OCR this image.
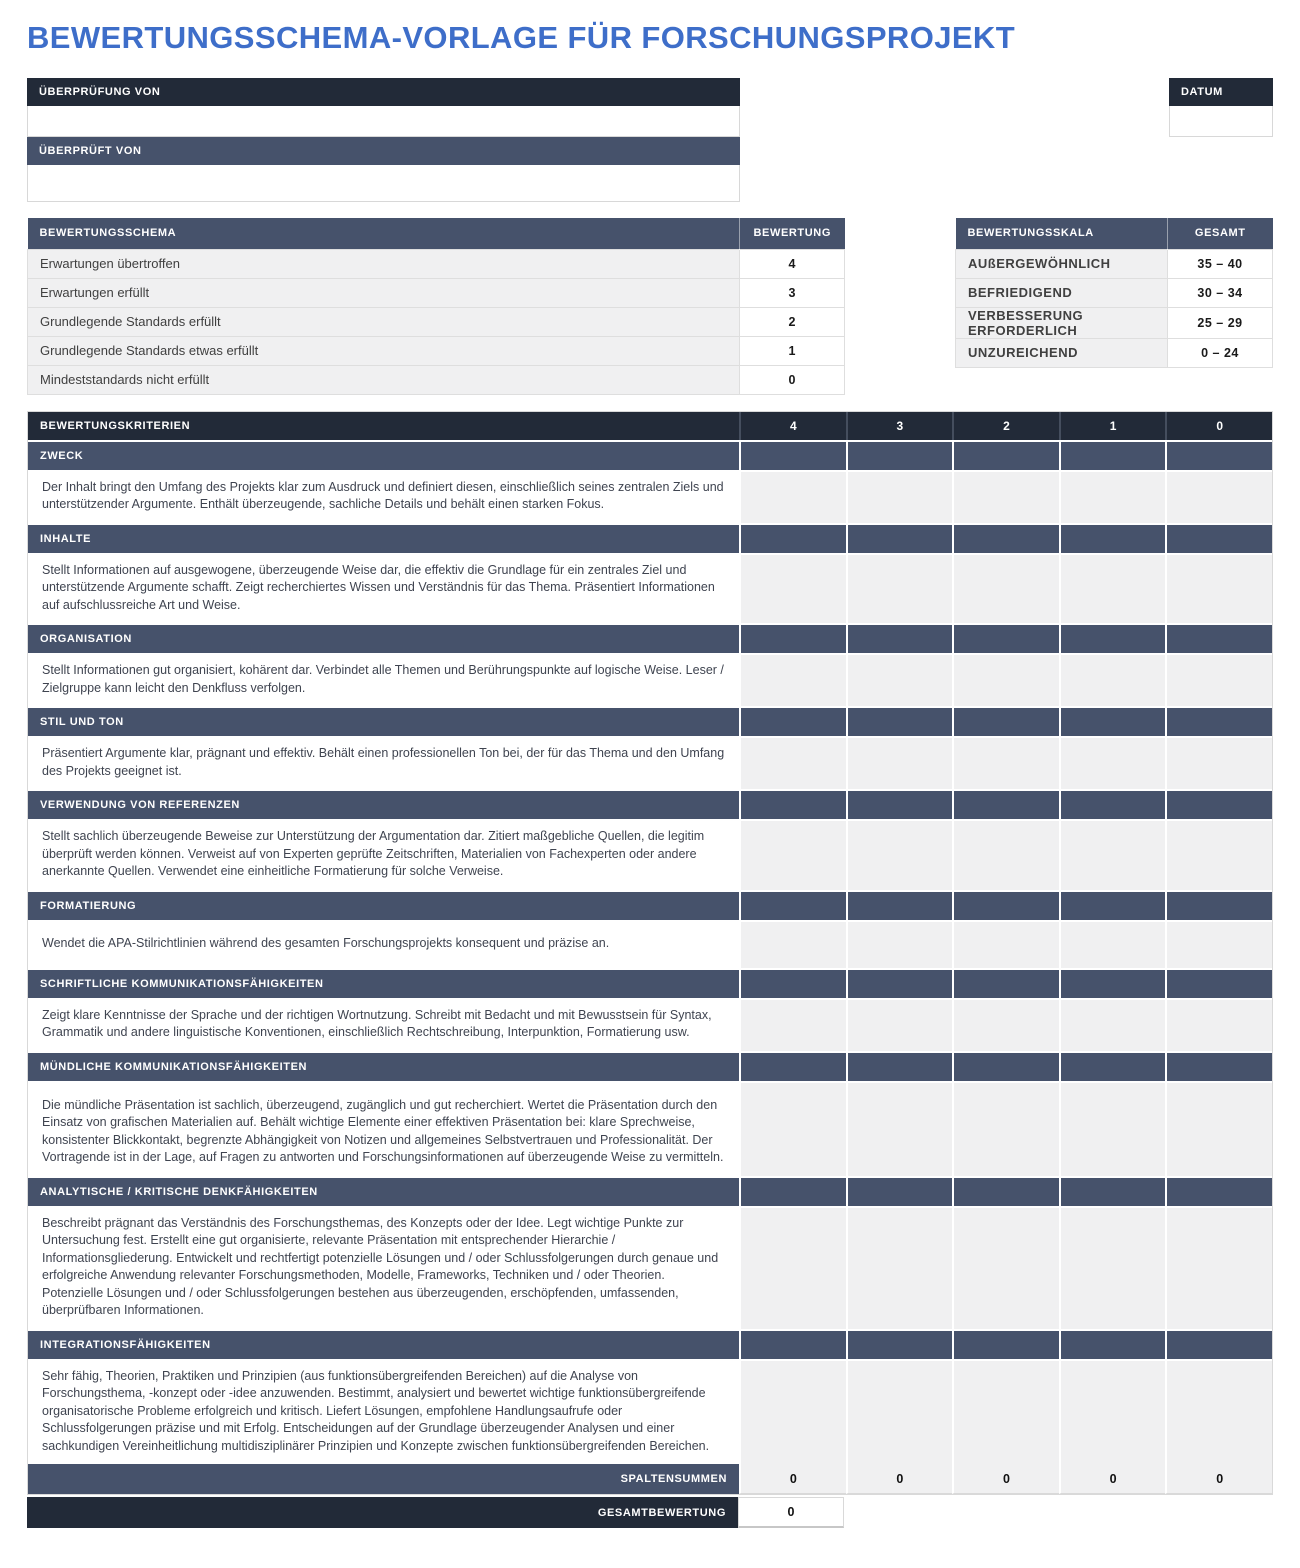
BEWERTUNGSSCHEMA-VORLAGE FÜR FORSCHUNGSPROJEKT
ÜBERPRÜFUNG VON
ÜBERPRÜFT VON
DATUM
BEWERTUNGSSCHEMA	BEWERTUNG
Erwartungen übertroffen	4
Erwartungen erfüllt	3
Grundlegende Standards erfüllt	2
Grundlegende Standards etwas erfüllt	1
Mindeststandards nicht erfüllt	0
BEWERTUNGSSKALA	GESAMT
AUßERGEWÖHNLICH	35 – 40
BEFRIEDIGEND	30 – 34
VERBESSERUNG ERFORDERLICH	25 – 29
UNZUREICHEND	0 – 24
BEWERTUNGSKRITERIEN	4	3	2	1	0
ZWECK
Der Inhalt bringt den Umfang des Projekts klar zum Ausdruck und definiert diesen, einschließlich seines zentralen Ziels und unterstützender Argumente. Enthält überzeugende, sachliche Details und behält einen starken Fokus.
INHALTE
Stellt Informationen auf ausgewogene, überzeugende Weise dar, die effektiv die Grundlage für ein zentrales Ziel und unterstützende Argumente schafft. Zeigt recherchiertes Wissen und Verständnis für das Thema. Präsentiert Informationen auf aufschlussreiche Art und Weise.
ORGANISATION
Stellt Informationen gut organisiert, kohärent dar. Verbindet alle Themen und Berührungspunkte auf logische Weise. Leser / Zielgruppe kann leicht den Denkfluss verfolgen.
STIL UND TON
Präsentiert Argumente klar, prägnant und effektiv. Behält einen professionellen Ton bei, der für das Thema und den Umfang des Projekts geeignet ist.
VERWENDUNG VON REFERENZEN
Stellt sachlich überzeugende Beweise zur Unterstützung der Argumentation dar. Zitiert maßgebliche Quellen, die legitim überprüft werden können. Verweist auf von Experten geprüfte Zeitschriften, Materialien von Fachexperten oder andere anerkannte Quellen. Verwendet eine einheitliche Formatierung für solche Verweise.
FORMATIERUNG
Wendet die APA-Stilrichtlinien während des gesamten Forschungsprojekts konsequent und präzise an.
SCHRIFTLICHE KOMMUNIKATIONSFÄHIGKEITEN
Zeigt klare Kenntnisse der Sprache und der richtigen Wortnutzung. Schreibt mit Bedacht und mit Bewusstsein für Syntax, Grammatik und andere linguistische Konventionen, einschließlich Rechtschreibung, Interpunktion, Formatierung usw.
MÜNDLICHE KOMMUNIKATIONSFÄHIGKEITEN
Die mündliche Präsentation ist sachlich, überzeugend, zugänglich und gut recherchiert. Wertet die Präsentation durch den Einsatz von grafischen Materialien auf. Behält wichtige Elemente einer effektiven Präsentation bei: klare Sprechweise, konsistenter Blickkontakt, begrenzte Abhängigkeit von Notizen und allgemeines Selbstvertrauen und Professionalität. Der Vortragende ist in der Lage, auf Fragen zu antworten und Forschungsinformationen auf überzeugende Weise zu vermitteln.
ANALYTISCHE / KRITISCHE DENKFÄHIGKEITEN
Beschreibt prägnant das Verständnis des Forschungsthemas, des Konzepts oder der Idee. Legt wichtige Punkte zur Untersuchung fest. Erstellt eine gut organisierte, relevante Präsentation mit entsprechender Hierarchie / Informationsgliederung. Entwickelt und rechtfertigt potenzielle Lösungen und / oder Schlussfolgerungen durch genaue und erfolgreiche Anwendung relevanter Forschungsmethoden, Modelle, Frameworks, Techniken und / oder Theorien. Potenzielle Lösungen und / oder Schlussfolgerungen bestehen aus überzeugenden, erschöpfenden, umfassenden, überprüfbaren Informationen.
INTEGRATIONSFÄHIGKEITEN
Sehr fähig, Theorien, Praktiken und Prinzipien (aus funktionsübergreifenden Bereichen) auf die Analyse von Forschungsthema, -konzept oder -idee anzuwenden. Bestimmt, analysiert und bewertet wichtige funktionsübergreifende organisatorische Probleme erfolgreich und kritisch. Liefert Lösungen, empfohlene Handlungsaufrufe oder Schlussfolgerungen präzise und mit Erfolg. Entscheidungen auf der Grundlage überzeugender Analysen und einer sachkundigen Vereinheitlichung multidisziplinärer Prinzipien und Konzepte zwischen funktionsübergreifenden Bereichen.
SPALTENSUMMEN	0	0	0	0	0
GESAMTBEWERTUNG	0
